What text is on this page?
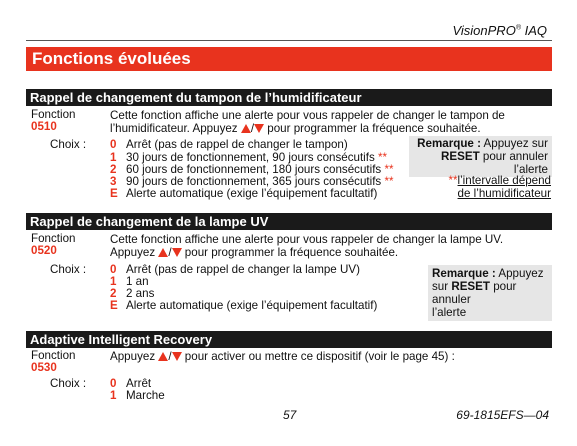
VisionPRO® IAQ
Fonctions évoluées
Rappel de changement du tampon de l’humidificateur
Fonction
0510
Cette fonction affiche une alerte pour vous rappeler de changer le tampon de
l’humidificateur. Appuyez / pour programmer la fréquence souhaitée.
Choix : 0 Arrêt (pas de rappel de changer le tampon)
1 30 jours de fonctionnement, 90 jours consécutifs **
2 60 jours de fonctionnement, 180 jours consécutifs **
3 90 jours de fonctionnement, 365 jours consécutifs **
E Alerte automatique (exige l’équipement facultatif)
Remarque : Appuyez sur
RESET pour annuler l’alerte
**l’intervalle dépend
de l’humidificateur
Rappel de changement de la lampe UV
Fonction
0520
Cette fonction affiche une alerte pour vous rappeler de changer la lampe UV.
Appuyez / pour programmer la fréquence souhaitée.
Choix : 0 Arrêt (pas de rappel de changer la lampe UV)
1 1 an
2 2 ans
E Alerte automatique (exige l’équipement facultatif)
Remarque : Appuyez
sur RESET pour annuler
l’alerte
Adaptive Intelligent Recovery
Fonction
0530
Appuyez / pour activer ou mettre ce dispositif (voir le page 45) :
Choix : 0 Arrêt
1 Marche
57	69-1815EFS—04
